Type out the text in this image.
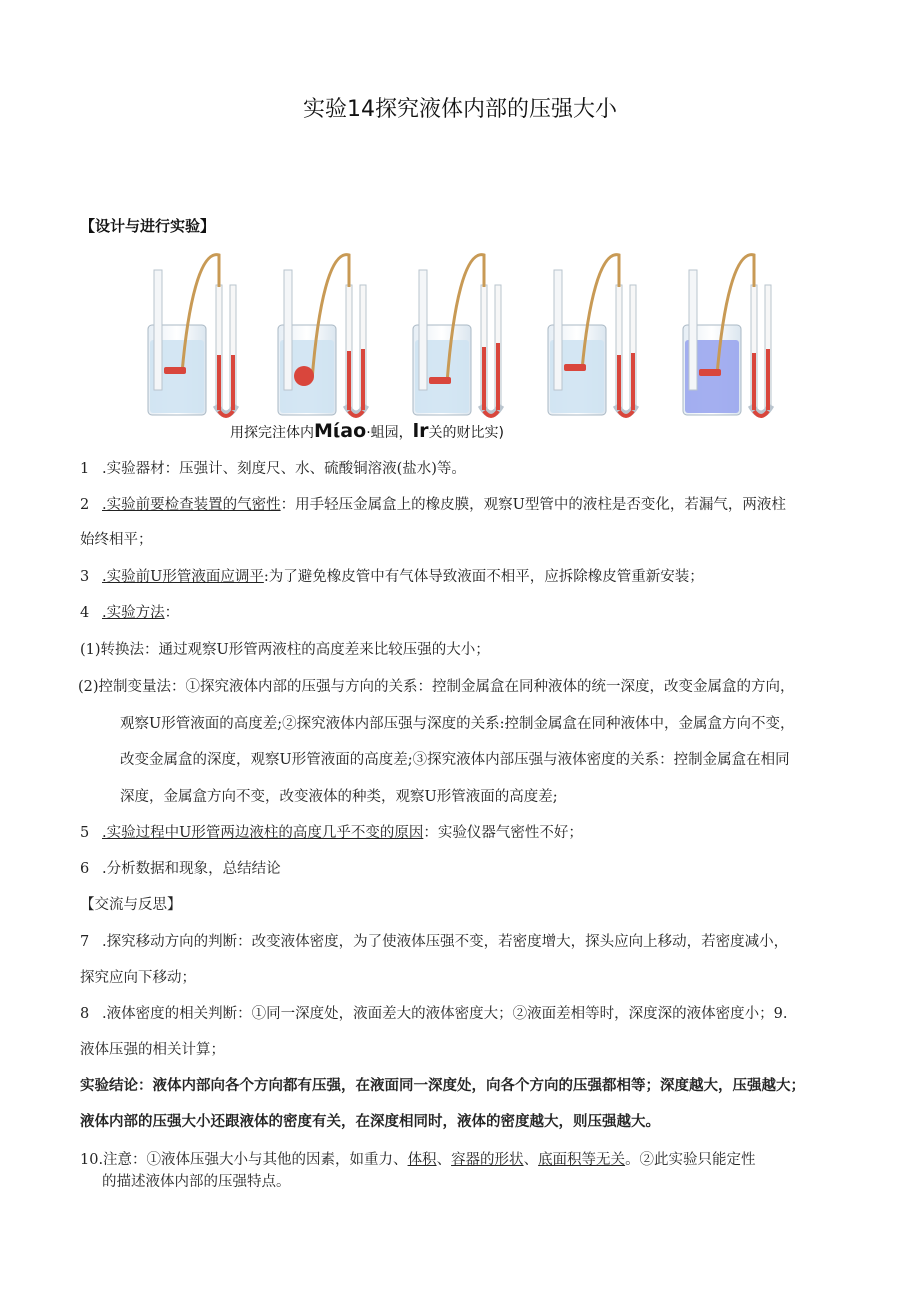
实验14探究液体内部的压强大小
【设计与进行实验】
用探完注体内Mίao·蛆园，lr关的财比实)
1 .实验器材：压强计、刻度尺、水、硫酸铜溶液(盐水)等。
2 .实验前要检查装置的气密性：用手轻压金属盒上的橡皮膜，观察U型管中的液柱是否变化，若漏气，两液柱
始终相平；
3 .实验前U形管液面应调平:为了避免橡皮管中有气体导致液面不相平，应拆除橡皮管重新安装；
4 .实验方法：
(1)转换法：通过观察U形管两液柱的高度差来比较压强的大小；
(2)控制变量法：①探究液体内部的压强与方向的关系：控制金属盒在同种液体的统一深度，改变金属盒的方向，
观察U形管液面的高度差;②探究液体内部压强与深度的关系:控制金属盒在同种液体中，金属盒方向不变，
改变金属盒的深度，观察U形管液面的高度差;③探究液体内部压强与液体密度的关系：控制金属盒在相同
深度，金属盒方向不变，改变液体的种类，观察U形管液面的高度差;
5 .实验过程中U形管两边液柱的高度几乎不变的原因：实验仪器气密性不好；
6 .分析数据和现象，总结结论
【交流与反思】
7 .探究移动方向的判断：改变液体密度，为了使液体压强不变，若密度增大，探头应向上移动，若密度减小，
探究应向下移动；
8 .液体密度的相关判断：①同一深度处，液面差大的液体密度大；②液面差相等时，深度深的液体密度小；9.
液体压强的相关计算；
实验结论：液体内部向各个方向都有压强，在液面同一深度处，向各个方向的压强都相等；深度越大，压强越大；
液体内部的压强大小还跟液体的密度有关，在深度相同时，液体的密度越大，则压强越大。
10.注意：①液体压强大小与其他的因素，如重力、体积、容器的形状、底面积等无关。②此实验只能定性
的描述液体内部的压强特点。
